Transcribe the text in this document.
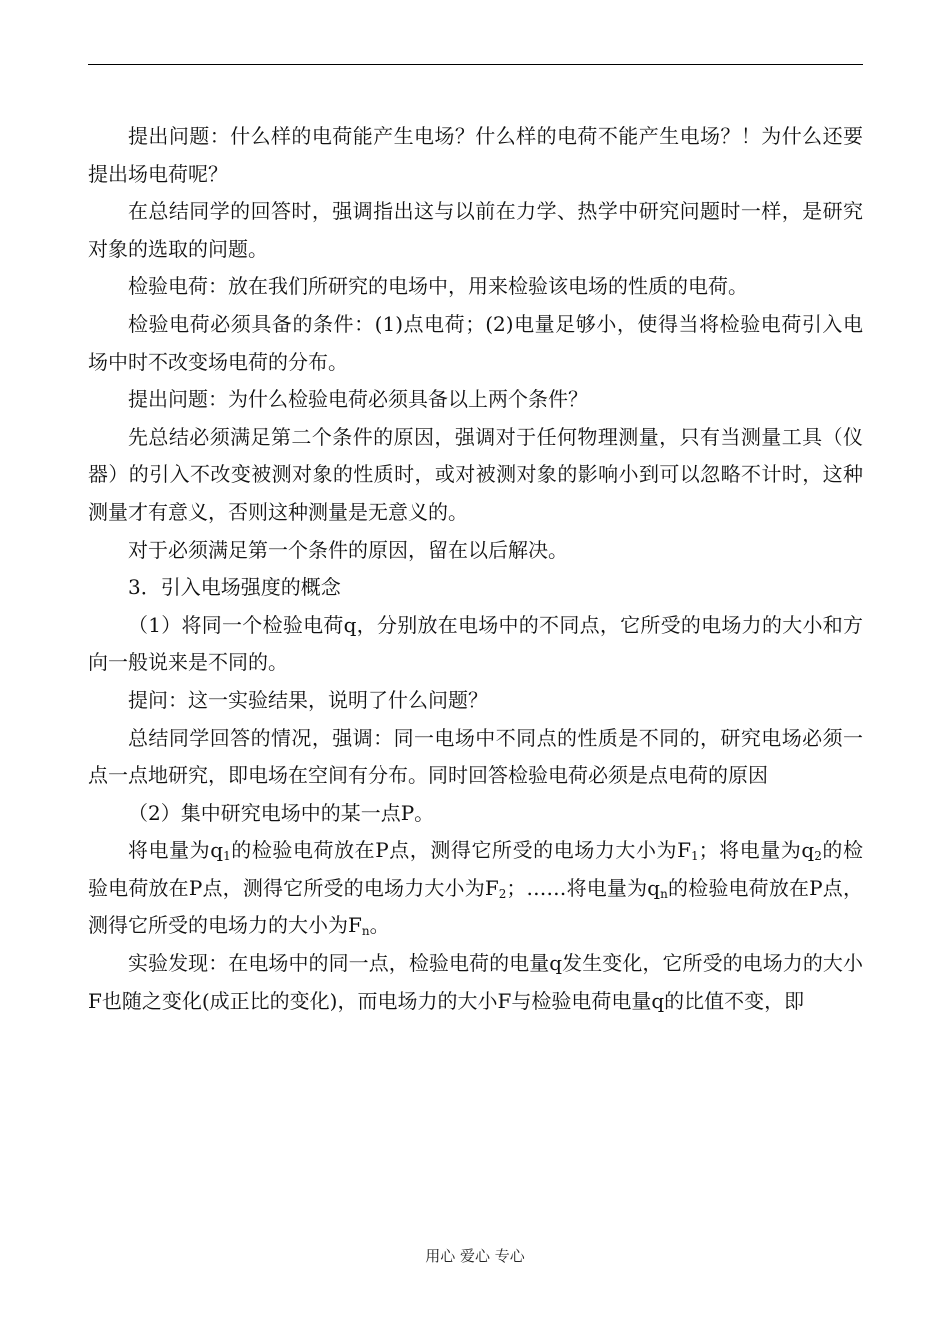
提出问题：什么样的电荷能产生电场？什么样的电荷不能产生电场？！为什么还要提出场电荷呢？

在总结同学的回答时，强调指出这与以前在力学、热学中研究问题时一样，是研究对象的选取的问题。

检验电荷：放在我们所研究的电场中，用来检验该电场的性质的电荷。

检验电荷必须具备的条件：(1)点电荷；(2)电量足够小，使得当将检验电荷引入电场中时不改变场电荷的分布。

提出问题：为什么检验电荷必须具备以上两个条件？

先总结必须满足第二个条件的原因，强调对于任何物理测量，只有当测量工具（仪器）的引入不改变被测对象的性质时，或对被测对象的影响小到可以忽略不计时，这种测量才有意义，否则这种测量是无意义的。

对于必须满足第一个条件的原因，留在以后解决。

3．引入电场强度的概念

（1）将同一个检验电荷q，分别放在电场中的不同点，它所受的电场力的大小和方向一般说来是不同的。

提问：这一实验结果，说明了什么问题？

总结同学回答的情况，强调：同一电场中不同点的性质是不同的，研究电场必须一点一点地研究，即电场在空间有分布。同时回答检验电荷必须是点电荷的原因

（2）集中研究电场中的某一点P。

将电量为$q_1$的检验电荷放在P点，测得它所受的电场力大小为$F_1$；将电量为$q_2$的检验电荷放在P点，测得它所受的电场力大小为$F_2$；……将电量为$q_n$的检验电荷放在P点，测得它所受的电场力的大小为$F_n$。

实验发现：在电场中的同一点，检验电荷的电量q发生变化，它所受的电场力的大小F也随之变化(成正比的变化)，而电场力的大小F与检验电荷电量q的比值不变，即

用心 爱心 专心
